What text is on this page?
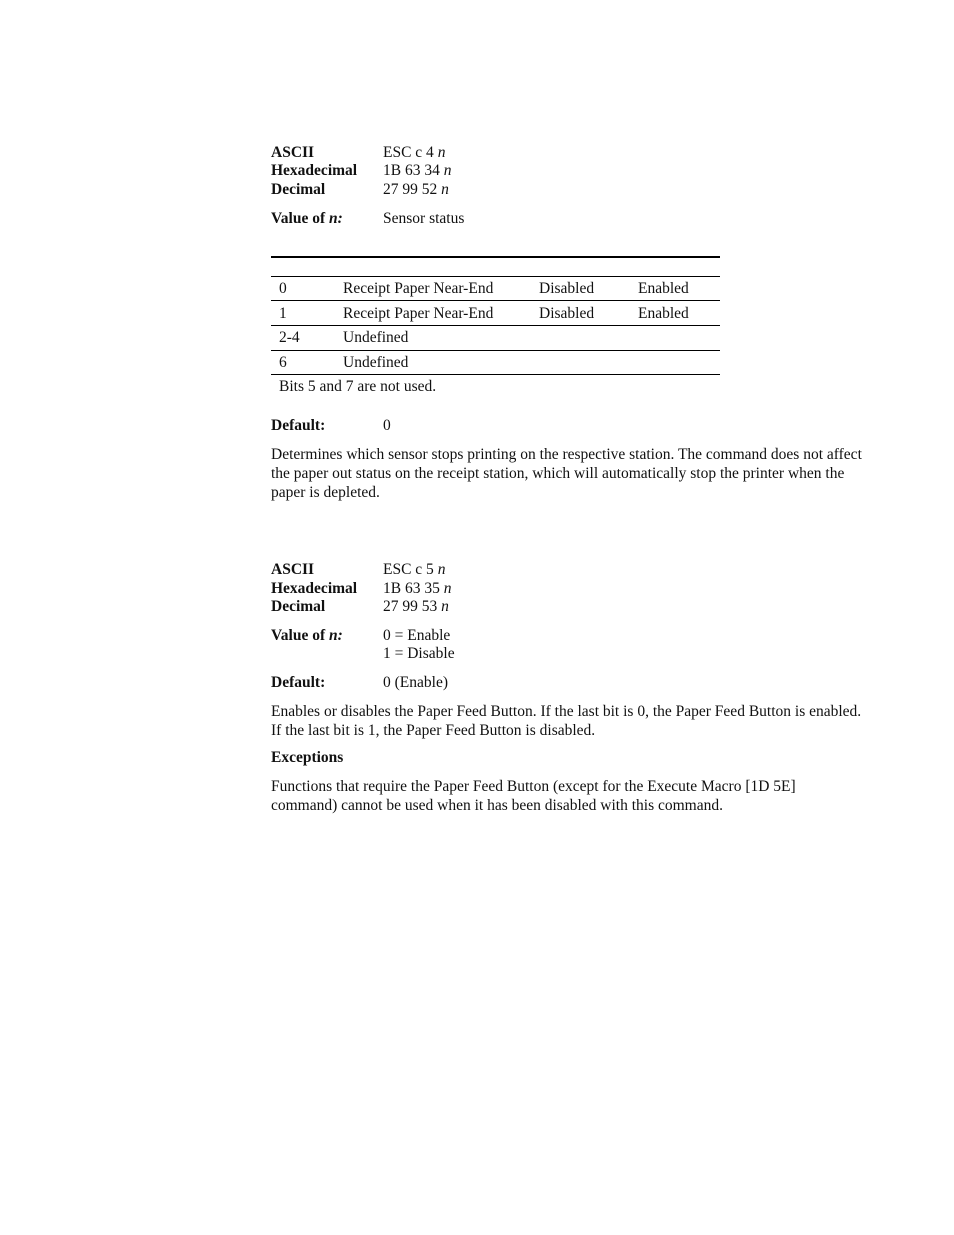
ASCII	ESC c 4 n
Hexadecimal 1B 63 34 n
Decimal	27 99 52 n
Value of n:	Sensor status
0	Receipt Paper Near-End	Disabled	Enabled
1	Receipt Paper Near-End	Disabled	Enabled
2-4	Undefined
6	Undefined
Bits 5 and 7 are not used.
Default:	0
Determines which sensor stops printing on the respective station. The command does not affect the paper out status on the receipt station, which will automatically stop the printer when the paper is depleted.
ASCII	ESC c 5 n
Hexadecimal 1B 63 35 n
Decimal	27 99 53 n
Value of n:	0 = Enable
1 = Disable
Default:	0 (Enable)
Enables or disables the Paper Feed Button. If the last bit is 0, the Paper Feed Button is enabled. If the last bit is 1, the Paper Feed Button is disabled.
Exceptions
Functions that require the Paper Feed Button (except for the Execute Macro [1D 5E] command) cannot be used when it has been disabled with this command.
